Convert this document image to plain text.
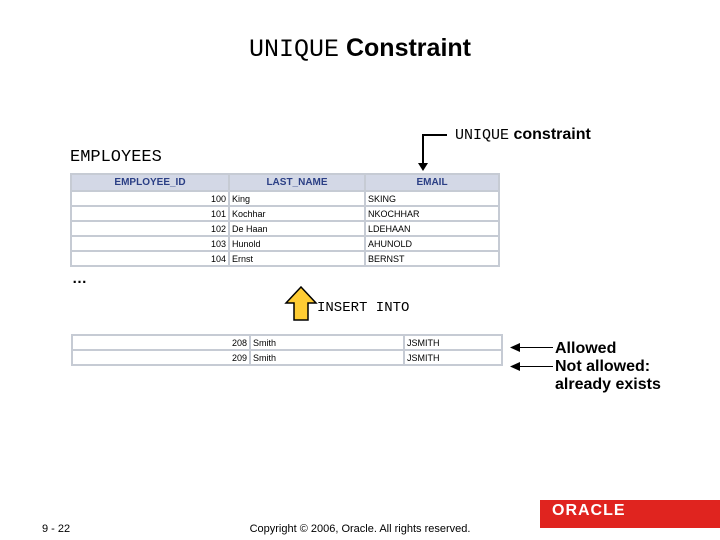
UNIQUE Constraint
UNIQUE constraint
EMPLOYEES
EMPLOYEE_ID	LAST_NAME	EMAIL
100	King	SKING
101	Kochhar	NKOCHHAR
102	De Haan	LDEHAAN
103	Hunold	AHUNOLD
104	Ernst	BERNST
…
INSERT INTO
208	Smith	JSMITH
209	Smith	JSMITH
Allowed
Not allowed:
already exists
ORACLE
9 - 22	Copyright © 2006, Oracle. All rights reserved.
